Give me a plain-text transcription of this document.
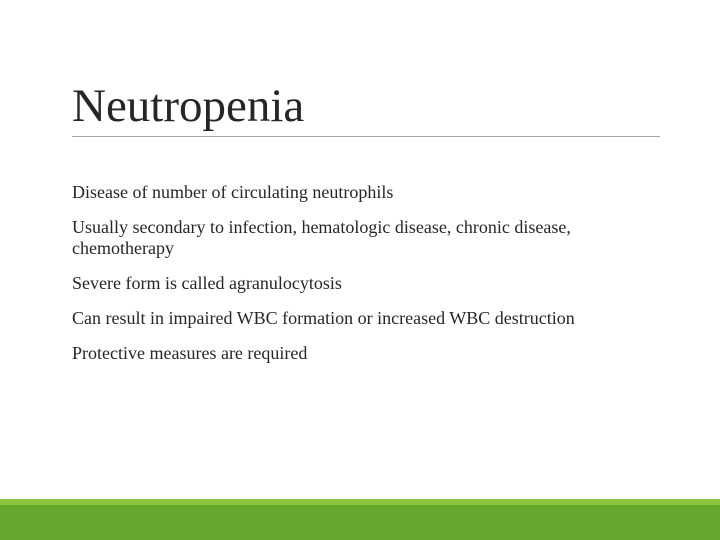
Neutropenia
Disease of number of circulating neutrophils
Usually secondary to infection, hematologic disease, chronic disease, chemotherapy
Severe form is called agranulocytosis
Can result in impaired WBC formation or increased WBC destruction
Protective measures are required
